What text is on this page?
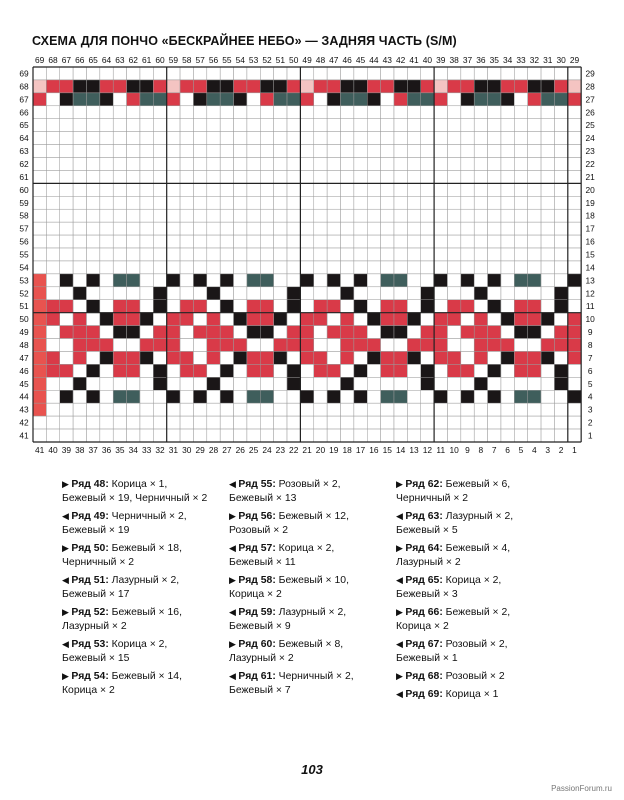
СХЕМА ДЛЯ ПОНЧО «БЕСКРАЙНЕЕ НЕБО» — ЗАДНЯЯ ЧАСТЬ (S/M)
69 68 67 66 65 64 63 62 61 60 59 58 57 56 55 54 53 52 51 50 49 48 47 46 45 44 43 42 41 40 39 38 37 36 35 34 33 32 31 30 29
41 40 39 38 37 36 35 34 33 32 31 30 29 28 27 26 25 24 23 22 21 20 19 18 17 16 15 14 13 12 11 10 9 8 7 6 5 4 3 2 1
69
68
67
66
65
64
63
62
61
60
59
58
57
56
55
54
53
52
51
50
49
48
47
46
45
44
43
42
41
29
28
27
26
25
24
23
22
21
20
19
18
17
16
15
14
13
12
11
10
9
8
7
6
5
4
3
2
1
▶ Ряд 48: Корица × 1,
Бежевый × 19, Черничный × 2
◀ Ряд 49: Черничный × 2,
Бежевый × 19
▶ Ряд 50: Бежевый × 18,
Черничный × 2
◀ Ряд 51: Лазурный × 2,
Бежевый × 17
▶ Ряд 52: Бежевый × 16,
Лазурный × 2
◀ Ряд 53: Корица × 2,
Бежевый × 15
▶ Ряд 54: Бежевый × 14,
Корица × 2
◀ Ряд 55: Розовый × 2,
Бежевый × 13
▶ Ряд 56: Бежевый × 12,
Розовый × 2
◀ Ряд 57: Корица × 2,
Бежевый × 11
▶ Ряд 58: Бежевый × 10,
Корица × 2
◀ Ряд 59: Лазурный × 2,
Бежевый × 9
▶ Ряд 60: Бежевый × 8,
Лазурный × 2
◀ Ряд 61: Черничный × 2,
Бежевый × 7
▶ Ряд 62: Бежевый × 6,
Черничный × 2
◀ Ряд 63: Лазурный × 2,
Бежевый × 5
▶ Ряд 64: Бежевый × 4,
Лазурный × 2
◀ Ряд 65: Корица × 2,
Бежевый × 3
▶ Ряд 66: Бежевый × 2,
Корица × 2
◀ Ряд 67: Розовый × 2,
Бежевый × 1
▶ Ряд 68: Розовый × 2
◀ Ряд 69: Корица × 1
103
PassionForum.ru
